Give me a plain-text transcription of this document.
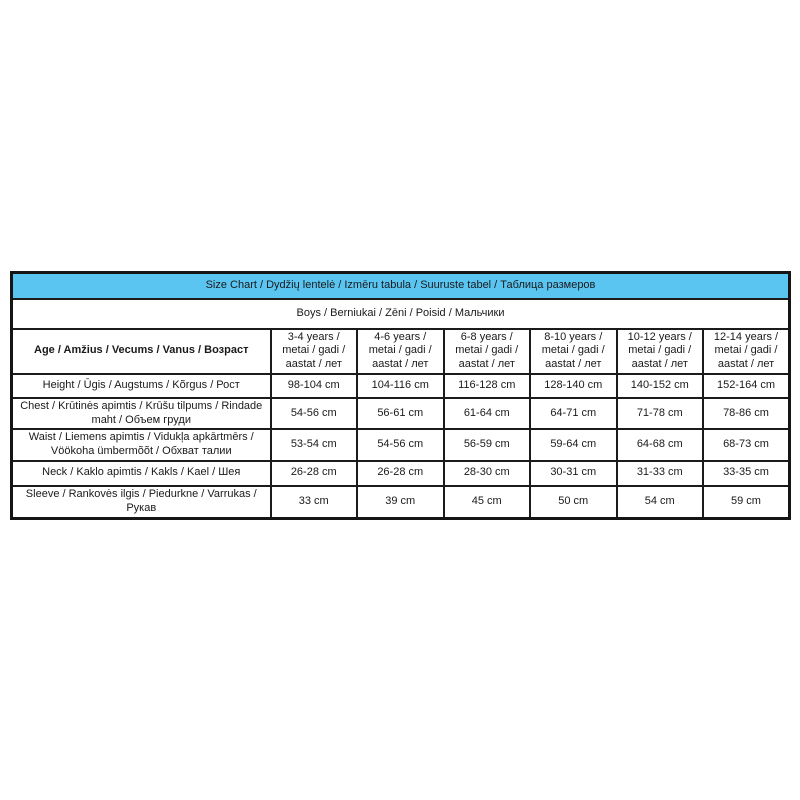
Size Chart / Dydžių lentelė / Izmēru tabula / Suuruste tabel / Таблица размеров						
Boys / Berniukai / Zēni / Poisid / Мальчики						
Age / Amžius / Vecums / Vanus / Возраст	3-4 years / metai / gadi / aastat / лет	4-6 years / metai / gadi / aastat / лет	6-8 years / metai / gadi / aastat / лет	8-10 years / metai / gadi / aastat / лет	10-12 years / metai / gadi / aastat / лет	12-14 years / metai / gadi / aastat / лет
Height / Ūgis / Augstums / Kõrgus / Рост	98-104 cm	104-116 cm	116-128 cm	128-140 cm	140-152 cm	152-164 cm
Chest / Krūtinės apimtis / Krūšu tilpums / Rindade maht / Объем груди	54-56 cm	56-61 cm	61-64 cm	64-71 cm	71-78 cm	78-86 cm
Waist / Liemens apimtis / Vidukļa apkārtmērs / Vöökoha ümbermõõt / Обхват талии	53-54 cm	54-56 cm	56-59 cm	59-64 cm	64-68 cm	68-73 cm
Neck / Kaklo apimtis / Kakls / Kael / Шея	26-28 cm	26-28 cm	28-30 cm	30-31 cm	31-33 cm	33-35 cm
Sleeve / Rankovės ilgis / Piedurkne / Varrukas / Рукав	33 cm	39 cm	45 cm	50 cm	54 cm	59 cm
